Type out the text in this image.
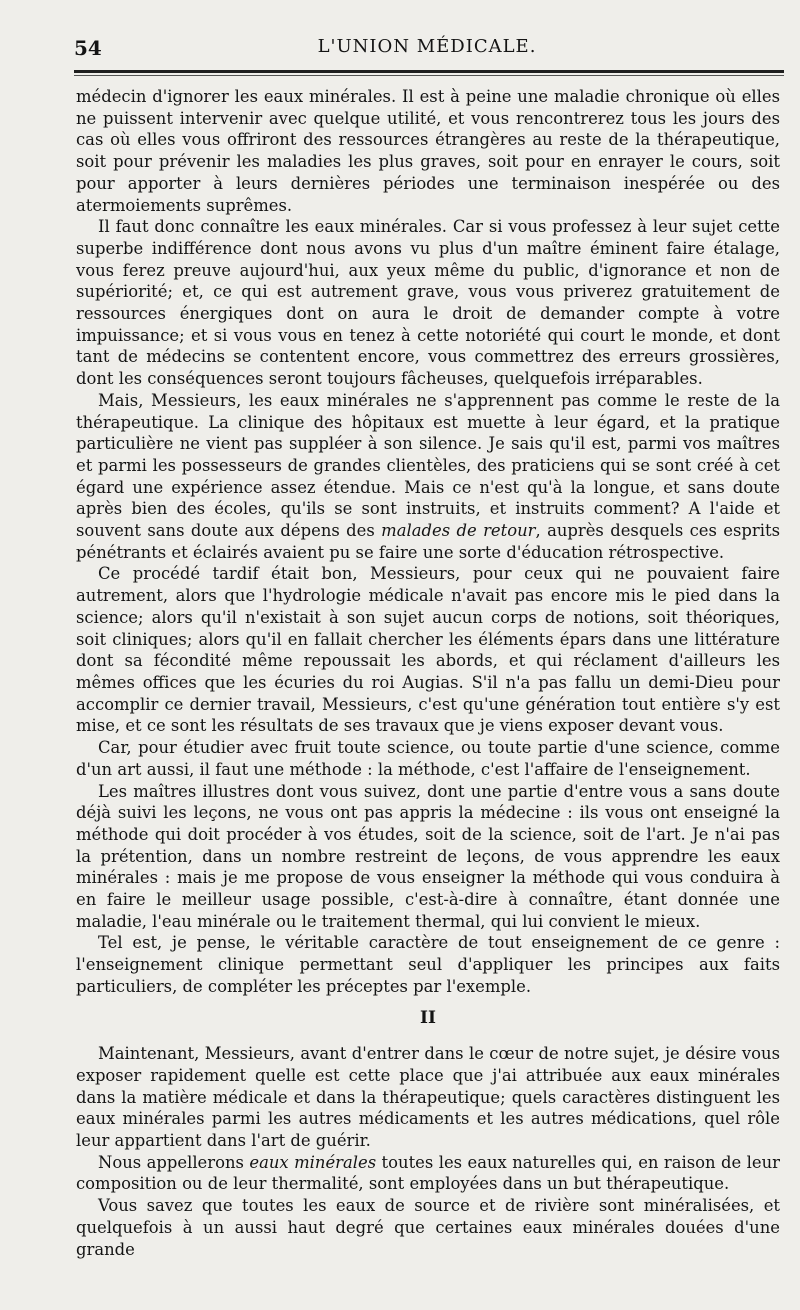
54	L'UNION MÉDICALE.

médecin d'ignorer les eaux minérales. Il est à peine une maladie chronique où elles ne puissent intervenir avec quelque utilité, et vous rencontrerez tous les jours des cas où elles vous offriront des ressources étrangères au reste de la thérapeutique, soit pour prévenir les maladies les plus graves, soit pour en enrayer le cours, soit pour apporter à leurs dernières périodes une terminaison inespérée ou des atermoiements suprêmes.

Il faut donc connaître les eaux minérales. Car si vous professez à leur sujet cette superbe indifférence dont nous avons vu plus d'un maître éminent faire étalage, vous ferez preuve aujourd'hui, aux yeux même du public, d'ignorance et non de supériorité; et, ce qui est autrement grave, vous vous priverez gratuitement de ressources énergiques dont on aura le droit de demander compte à votre impuissance; et si vous vous en tenez à cette notoriété qui court le monde, et dont tant de médecins se contentent encore, vous commettrez des erreurs grossières, dont les conséquences seront toujours fâcheuses, quelquefois irréparables.

Mais, Messieurs, les eaux minérales ne s'apprennent pas comme le reste de la thérapeutique. La clinique des hôpitaux est muette à leur égard, et la pratique particulière ne vient pas suppléer à son silence. Je sais qu'il est, parmi vos maîtres et parmi les possesseurs de grandes clientèles, des praticiens qui se sont créé à cet égard une expérience assez étendue. Mais ce n'est qu'à la longue, et sans doute après bien des écoles, qu'ils se sont instruits, et instruits comment? A l'aide et souvent sans doute aux dépens des malades de retour, auprès desquels ces esprits pénétrants et éclairés avaient pu se faire une sorte d'éducation rétrospective.

Ce procédé tardif était bon, Messieurs, pour ceux qui ne pouvaient faire autrement, alors que l'hydrologie médicale n'avait pas encore mis le pied dans la science; alors qu'il n'existait à son sujet aucun corps de notions, soit théoriques, soit cliniques; alors qu'il en fallait chercher les éléments épars dans une littérature dont sa fécondité même repoussait les abords, et qui réclament d'ailleurs les mêmes offices que les écuries du roi Augias. S'il n'a pas fallu un demi-Dieu pour accomplir ce dernier travail, Messieurs, c'est qu'une génération tout entière s'y est mise, et ce sont les résultats de ses travaux que je viens exposer devant vous.

Car, pour étudier avec fruit toute science, ou toute partie d'une science, comme d'un art aussi, il faut une méthode : la méthode, c'est l'affaire de l'enseignement.

Les maîtres illustres dont vous suivez, dont une partie d'entre vous a sans doute déjà suivi les leçons, ne vous ont pas appris la médecine : ils vous ont enseigné la méthode qui doit procéder à vos études, soit de la science, soit de l'art. Je n'ai pas la prétention, dans un nombre restreint de leçons, de vous apprendre les eaux minérales : mais je me propose de vous enseigner la méthode qui vous conduira à en faire le meilleur usage possible, c'est-à-dire à connaître, étant donnée une maladie, l'eau minérale ou le traitement thermal, qui lui convient le mieux.

Tel est, je pense, le véritable caractère de tout enseignement de ce genre : l'enseignement clinique permettant seul d'appliquer les principes aux faits particuliers, de compléter les préceptes par l'exemple.

II

Maintenant, Messieurs, avant d'entrer dans le cœur de notre sujet, je désire vous exposer rapidement quelle est cette place que j'ai attribuée aux eaux minérales dans la matière médicale et dans la thérapeutique; quels caractères distinguent les eaux minérales parmi les autres médicaments et les autres médications, quel rôle leur appartient dans l'art de guérir.

Nous appellerons eaux minérales toutes les eaux naturelles qui, en raison de leur composition ou de leur thermalité, sont employées dans un but thérapeutique.

Vous savez que toutes les eaux de source et de rivière sont minéralisées, et quelquefois à un aussi haut degré que certaines eaux minérales douées d'une grande
